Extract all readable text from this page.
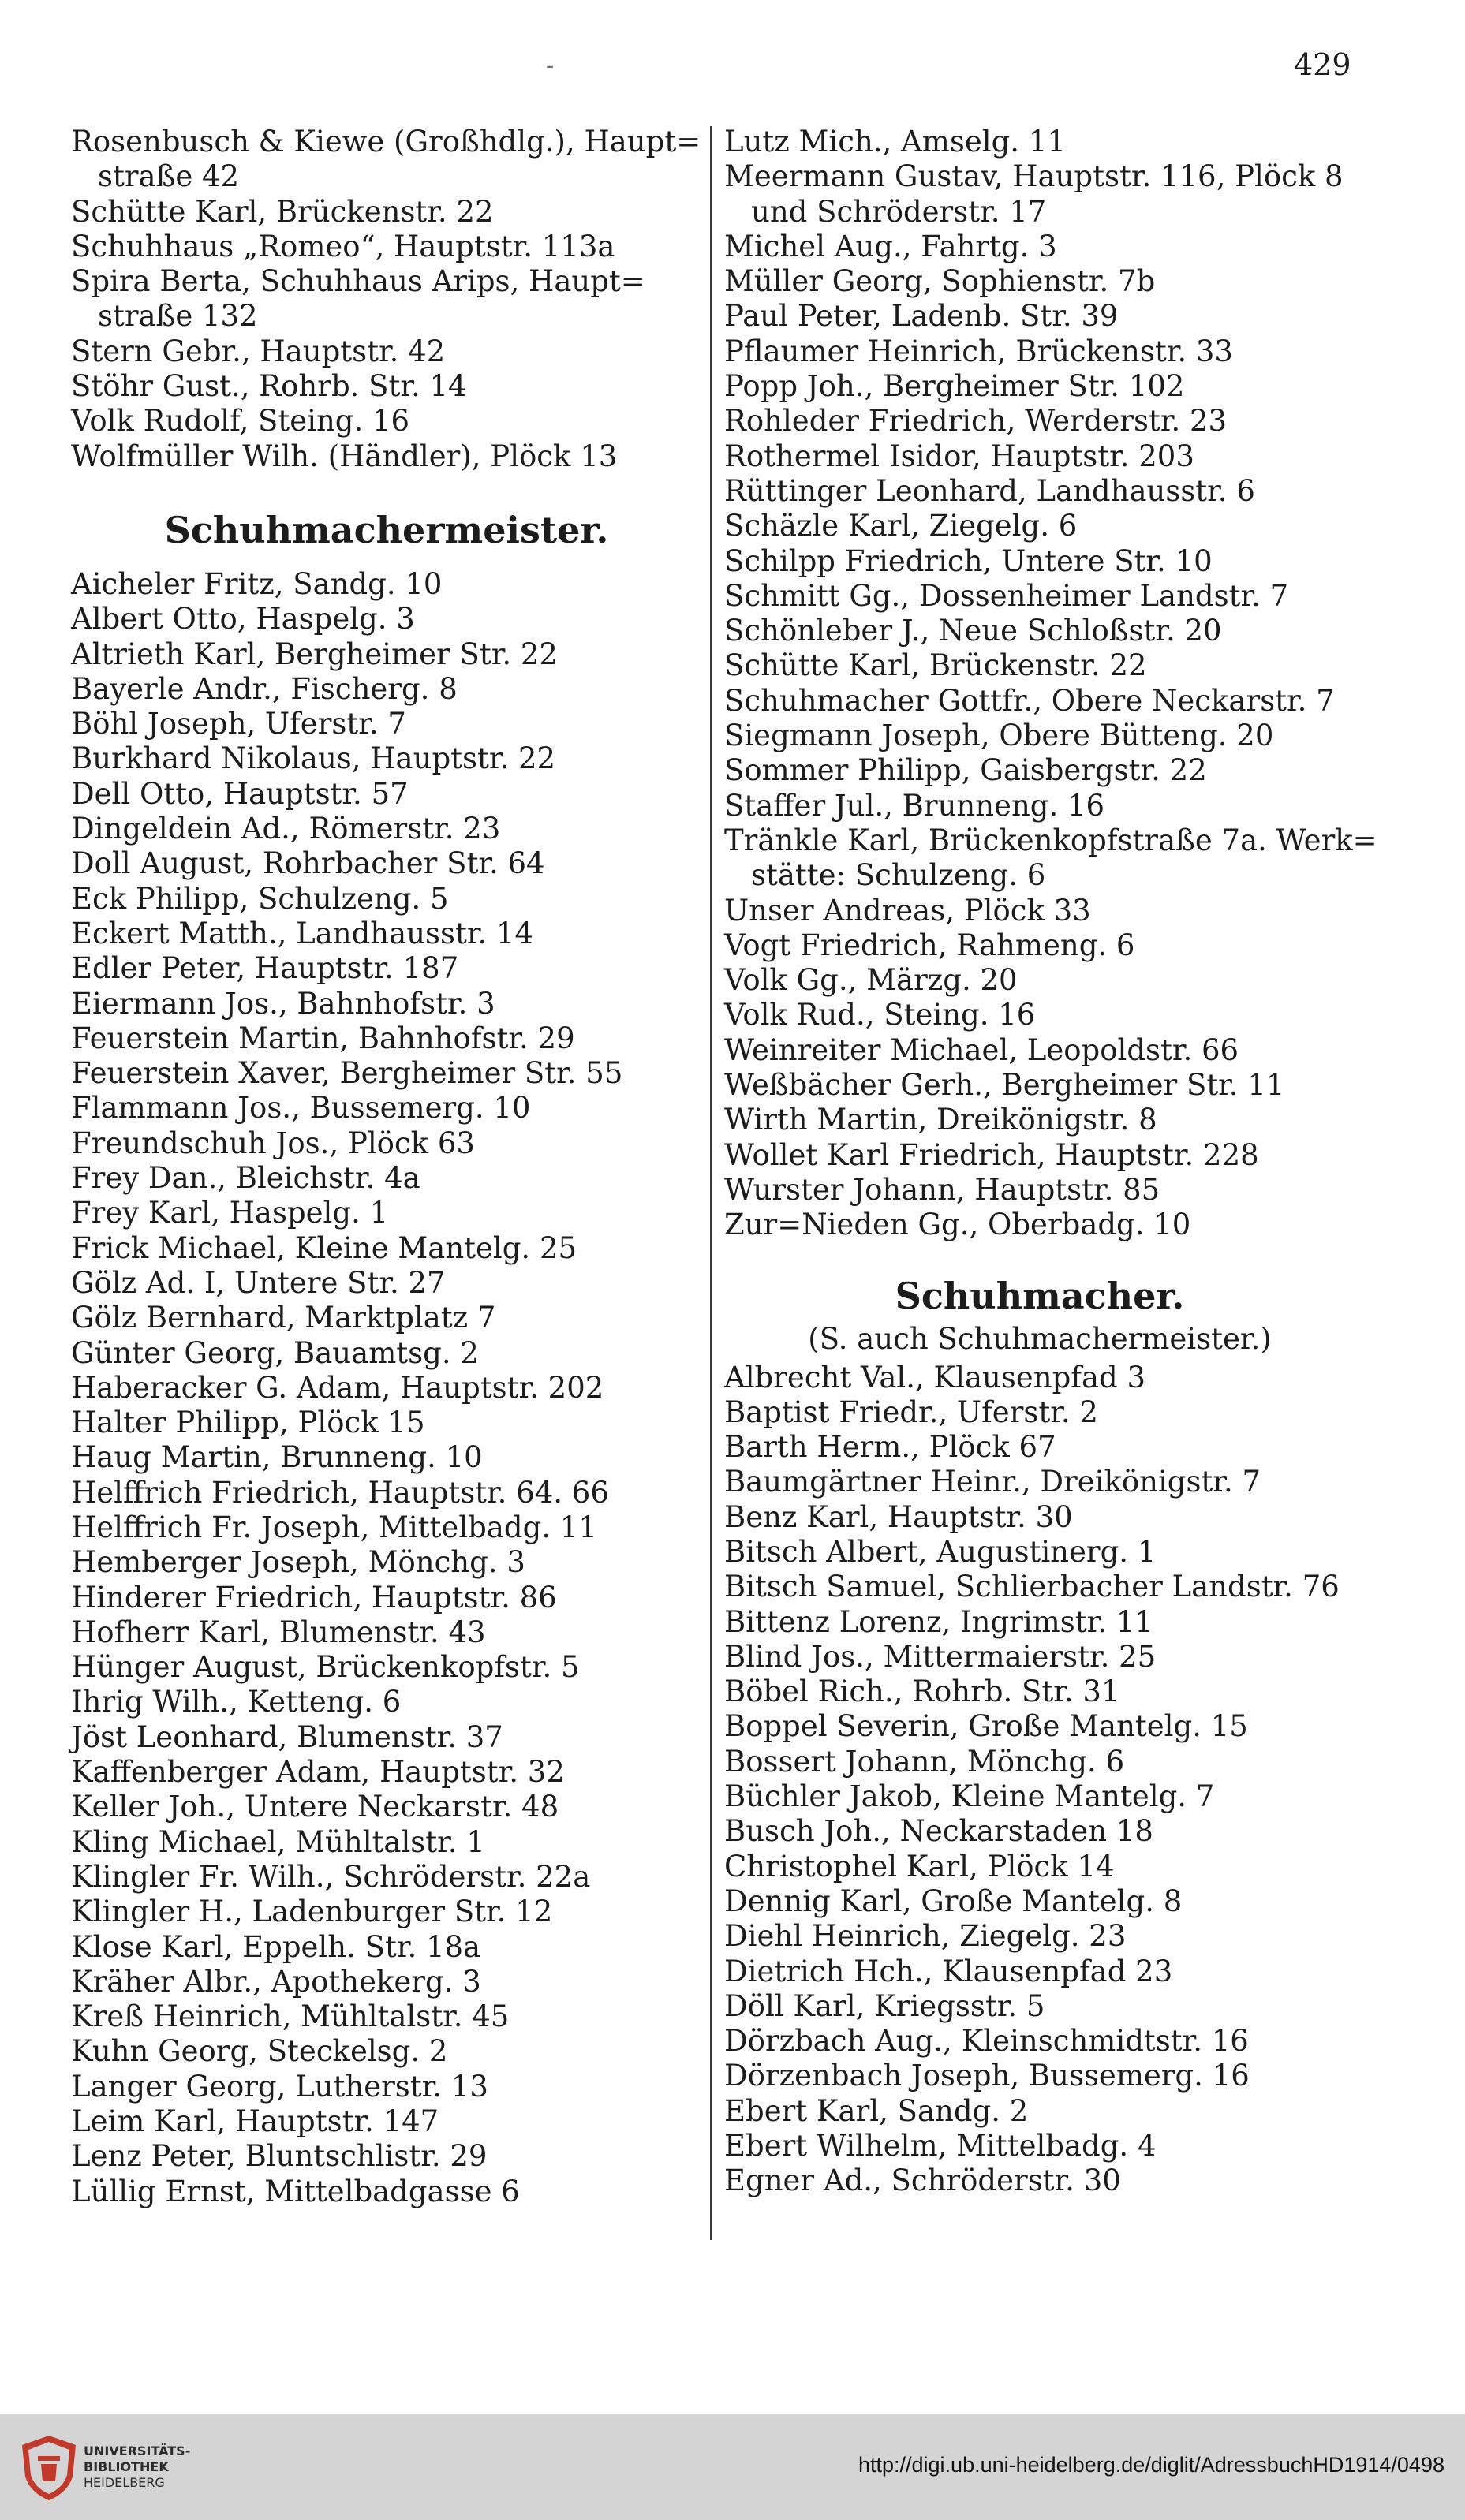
-	429
Rosenbusch & Kiewe (Großhdlg.), Haupt=
straße 42
Schütte Karl, Brückenstr. 22
Schuhhaus „Romeo“, Hauptstr. 113a
Spira Berta, Schuhhaus Arips, Haupt=
straße 132
Stern Gebr., Hauptstr. 42
Stöhr Gust., Rohrb. Str. 14
Volk Rudolf, Steing. 16
Wolfmüller Wilh. (Händler), Plöck 13
Schuhmachermeister.
Aicheler Fritz, Sandg. 10
Albert Otto, Haspelg. 3
Altrieth Karl, Bergheimer Str. 22
Bayerle Andr., Fischerg. 8
Böhl Joseph, Uferstr. 7
Burkhard Nikolaus, Hauptstr. 22
Dell Otto, Hauptstr. 57
Dingeldein Ad., Römerstr. 23
Doll August, Rohrbacher Str. 64
Eck Philipp, Schulzeng. 5
Eckert Matth., Landhausstr. 14
Edler Peter, Hauptstr. 187
Eiermann Jos., Bahnhofstr. 3
Feuerstein Martin, Bahnhofstr. 29
Feuerstein Xaver, Bergheimer Str. 55
Flammann Jos., Bussemerg. 10
Freundschuh Jos., Plöck 63
Frey Dan., Bleichstr. 4a
Frey Karl, Haspelg. 1
Frick Michael, Kleine Mantelg. 25
Gölz Ad. I, Untere Str. 27
Gölz Bernhard, Marktplatz 7
Günter Georg, Bauamtsg. 2
Haberacker G. Adam, Hauptstr. 202
Halter Philipp, Plöck 15
Haug Martin, Brunneng. 10
Helffrich Friedrich, Hauptstr. 64. 66
Helffrich Fr. Joseph, Mittelbadg. 11
Hemberger Joseph, Mönchg. 3
Hinderer Friedrich, Hauptstr. 86
Hofherr Karl, Blumenstr. 43
Hünger August, Brückenkopfstr. 5
Ihrig Wilh., Ketteng. 6
Jöst Leonhard, Blumenstr. 37
Kaffenberger Adam, Hauptstr. 32
Keller Joh., Untere Neckarstr. 48
Kling Michael, Mühltalstr. 1
Klingler Fr. Wilh., Schröderstr. 22a
Klingler H., Ladenburger Str. 12
Klose Karl, Eppelh. Str. 18a
Kräher Albr., Apothekerg. 3
Kreß Heinrich, Mühltalstr. 45
Kuhn Georg, Steckelsg. 2
Langer Georg, Lutherstr. 13
Leim Karl, Hauptstr. 147
Lenz Peter, Bluntschlistr. 29
Lüllig Ernst, Mittelbadgasse 6
Lutz Mich., Amselg. 11
Meermann Gustav, Hauptstr. 116, Plöck 8
und Schröderstr. 17
Michel Aug., Fahrtg. 3
Müller Georg, Sophienstr. 7b
Paul Peter, Ladenb. Str. 39
Pflaumer Heinrich, Brückenstr. 33
Popp Joh., Bergheimer Str. 102
Rohleder Friedrich, Werderstr. 23
Rothermel Isidor, Hauptstr. 203
Rüttinger Leonhard, Landhausstr. 6
Schäzle Karl, Ziegelg. 6
Schilpp Friedrich, Untere Str. 10
Schmitt Gg., Dossenheimer Landstr. 7
Schönleber J., Neue Schloßstr. 20
Schütte Karl, Brückenstr. 22
Schuhmacher Gottfr., Obere Neckarstr. 7
Siegmann Joseph, Obere Bütteng. 20
Sommer Philipp, Gaisbergstr. 22
Staffer Jul., Brunneng. 16
Tränkle Karl, Brückenkopfstraße 7a. Werk=
stätte: Schulzeng. 6
Unser Andreas, Plöck 33
Vogt Friedrich, Rahmeng. 6
Volk Gg., Märzg. 20
Volk Rud., Steing. 16
Weinreiter Michael, Leopoldstr. 66
Weßbächer Gerh., Bergheimer Str. 11
Wirth Martin, Dreikönigstr. 8
Wollet Karl Friedrich, Hauptstr. 228
Wurster Johann, Hauptstr. 85
Zur=Nieden Gg., Oberbadg. 10
Schuhmacher.
(S. auch Schuhmachermeister.)
Albrecht Val., Klausenpfad 3
Baptist Friedr., Uferstr. 2
Barth Herm., Plöck 67
Baumgärtner Heinr., Dreikönigstr. 7
Benz Karl, Hauptstr. 30
Bitsch Albert, Augustinerg. 1
Bitsch Samuel, Schlierbacher Landstr. 76
Bittenz Lorenz, Ingrimstr. 11
Blind Jos., Mittermaierstr. 25
Böbel Rich., Rohrb. Str. 31
Boppel Severin, Große Mantelg. 15
Bossert Johann, Mönchg. 6
Büchler Jakob, Kleine Mantelg. 7
Busch Joh., Neckarstaden 18
Christophel Karl, Plöck 14
Dennig Karl, Große Mantelg. 8
Diehl Heinrich, Ziegelg. 23
Dietrich Hch., Klausenpfad 23
Döll Karl, Kriegsstr. 5
Dörzbach Aug., Kleinschmidtstr. 16
Dörzenbach Joseph, Bussemerg. 16
Ebert Karl, Sandg. 2
Ebert Wilhelm, Mittelbadg. 4
Egner Ad., Schröderstr. 30
UNIVERSITÄTS-
BIBLIOTHEK
HEIDELBERG
http://digi.ub.uni-heidelberg.de/diglit/AdressbuchHD1914/0498
